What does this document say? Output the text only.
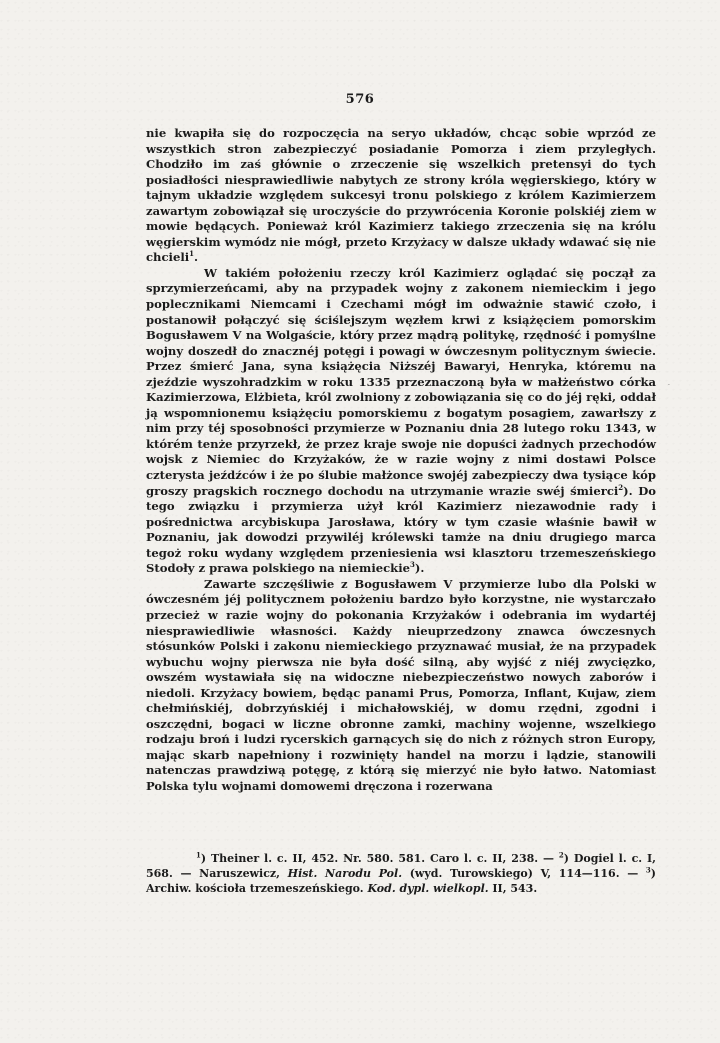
576

nie kwapiła się do rozpoczęcia na seryo układów, chcąc sobie wprzód ze wszystkich stron zabezpieczyć posiadanie Pomorza i ziem przyległych. Chodziło im zaś głównie o zrzeczenie się wszelkich pretensyi do tych posiadłości niesprawiedliwie nabytych ze strony króla węgierskiego, który w tajnym układzie względem sukcesyi tronu polskiego z królem Kazimierzem zawartym zobowiązał się uroczyście do przywrócenia Koronie polskiéj ziem w mowie będących. Ponieważ król Kazimierz takiego zrzeczenia się na królu węgierskim wymódz nie mógł, przeto Krzyżacy w dalsze układy wdawać się nie chcieli$^1$.

W takiém położeniu rzeczy król Kazimierz oglądać się począł za sprzymierzeńcami, aby na przypadek wojny z zakonem niemieckim i jego poplecznikami Niemcami i Czechami mógł im odważnie stawić czoło, i postanowił połączyć się ściślejszym węzłem krwi z książęciem pomorskim Bogusławem V na Wolgaście, który przez mądrą politykę, rzędność i pomyślne wojny doszedł do znacznéj potęgi i powagi w ówczesnym politycznym świecie. Przez śmierć Jana, syna książęcia Niższéj Bawaryi, Henryka, któremu na zjeździe wyszohradzkim w roku 1335 przeznaczoną była w małżeństwo córka Kazimierzowa, Elżbieta, król zwolniony z zobowiązania się co do jéj ręki, oddał ją wspomnionemu książęciu pomorskiemu z bogatym posagiem, zawarłszy z nim przy téj sposobności przymierze w Poznaniu dnia 28 lutego roku 1343, w którém tenże przyrzekł, że przez kraje swoje nie dopuści żadnych przechodów wojsk z Niemiec do Krzyżaków, że w razie wojny z nimi dostawi Polsce czterysta jeźdźców i że po ślubie małżonce swojéj zabezpieczy dwa tysiące kóp groszy pragskich rocznego dochodu na utrzymanie wrazie swéj śmierci$^2$). Do tego związku i przymierza użył król Kazimierz niezawodnie rady i pośrednictwa arcybiskupa Jarosława, który w tym czasie właśnie bawił w Poznaniu, jak dowodzi przywiléj królewski tamże na dniu drugiego marca tegoż roku wydany względem przeniesienia wsi klasztoru trzemeszeńskiego Stodoły z prawa polskiego na niemieckie$^3$).

Zawarte szczęśliwie z Bogusławem V przymierze lubo dla Polski w ówczesném jéj politycznem położeniu bardzo było korzystne, nie wystarczało przecież w razie wojny do pokonania Krzyżaków i odebrania im wydartéj niesprawiedliwie własności. Każdy nieuprzedzony znawca ówczesnych stósunków Polski i zakonu niemieckiego przyznawać musiał, że na przypadek wybuchu wojny pierwsza nie była dość silną, aby wyjść z niéj zwycięzko, owszém wystawiała się na widoczne niebezpieczeństwo nowych zaborów i niedoli. Krzyżacy bowiem, będąc panami Prus, Pomorza, Inflant, Kujaw, ziem chełmińskiéj, dobrzyńskiéj i michałowskiéj, w domu rzędni, zgodni i oszczędni, bogaci w liczne obronne zamki, machiny wojenne, wszelkiego rodzaju broń i ludzi rycerskich garnących się do nich z różnych stron Europy, mając skarb napełniony i rozwinięty handel na morzu i lądzie, stanowili natenczas prawdziwą potęgę, z którą się mierzyć nie było łatwo. Natomiast Polska tylu wojnami domowemi dręczona i rozerwana

$^1$) Theiner l. c. II, 452. Nr. 580. 581. Caro l. c. II, 238. — $^2$) Dogiel l. c. I, 568. — Naruszewicz, Hist. Narodu Pol. (wyd. Turowskiego) V, 114—116. — $^3$) Archiw. kościoła trzemeszeńskiego. Kod. dypl. wielkopl. II, 543.

·
